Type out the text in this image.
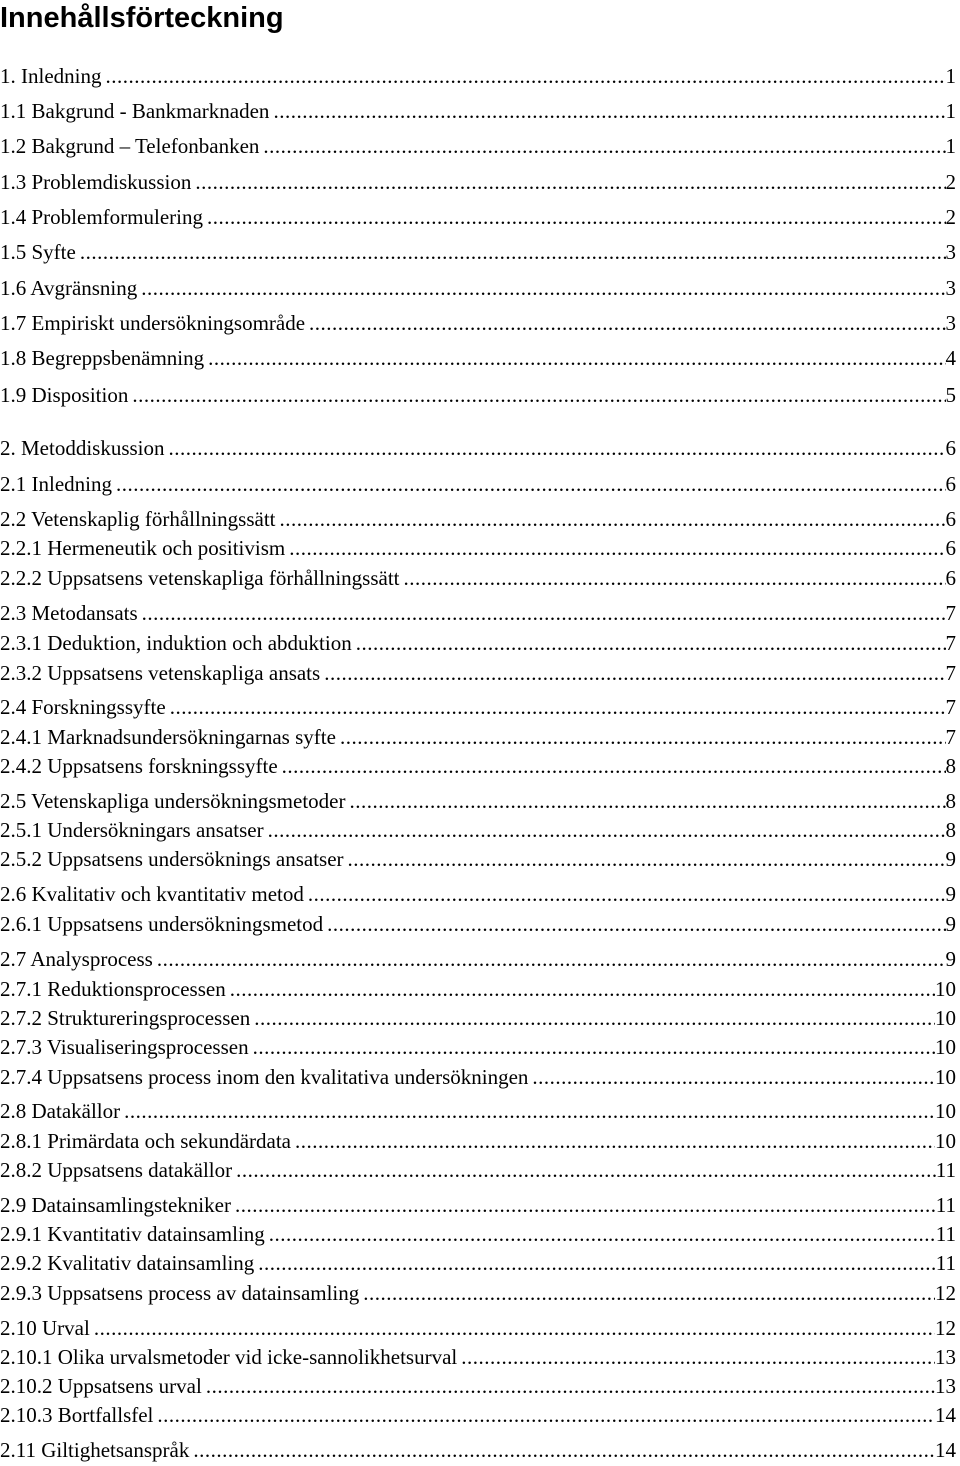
Innehållsförteckning
1. Inledning .....	1
1.1 Bakgrund - Bankmarknaden .....	1
1.2 Bakgrund – Telefonbanken .....	1
1.3 Problemdiskussion .....	2
1.4 Problemformulering .....	2
1.5 Syfte .....	3
1.6 Avgränsning .....	3
1.7 Empiriskt undersökningsområde .....	3
1.8 Begreppsbenämning .....	4
1.9 Disposition .....	5
2. Metoddiskussion .....	6
2.1 Inledning .....	6
2.2 Vetenskaplig förhållningssätt .....	6
2.2.1 Hermeneutik och positivism .....	6
2.2.2 Uppsatsens vetenskapliga förhållningssätt .....	6
2.3 Metodansats .....	7
2.3.1 Deduktion, induktion och abduktion .....	7
2.3.2 Uppsatsens vetenskapliga ansats .....	7
2.4 Forskningssyfte .....	7
2.4.1 Marknadsundersökningarnas syfte .....	7
2.4.2 Uppsatsens forskningssyfte .....	8
2.5 Vetenskapliga undersökningsmetoder .....	8
2.5.1 Undersökningars ansatser .....	8
2.5.2 Uppsatsens undersöknings ansatser .....	9
2.6 Kvalitativ och kvantitativ metod .....	9
2.6.1 Uppsatsens undersökningsmetod .....	9
2.7 Analysprocess .....	9
2.7.1 Reduktionsprocessen .....	10
2.7.2 Struktureringsprocessen .....	10
2.7.3 Visualiseringsprocessen .....	10
2.7.4 Uppsatsens process inom den kvalitativa undersökningen .....	10
2.8 Datakällor .....	10
2.8.1 Primärdata och sekundärdata .....	10
2.8.2 Uppsatsens datakällor .....	11
2.9 Datainsamlingstekniker .....	11
2.9.1 Kvantitativ datainsamling .....	11
2.9.2 Kvalitativ datainsamling .....	11
2.9.3 Uppsatsens process av datainsamling .....	12
2.10 Urval .....	12
2.10.1 Olika urvalsmetoder vid icke-sannolikhetsurval .....	13
2.10.2 Uppsatsens urval .....	13
2.10.3 Bortfallsfel .....	14
2.11 Giltighetsanspråk .....	14
